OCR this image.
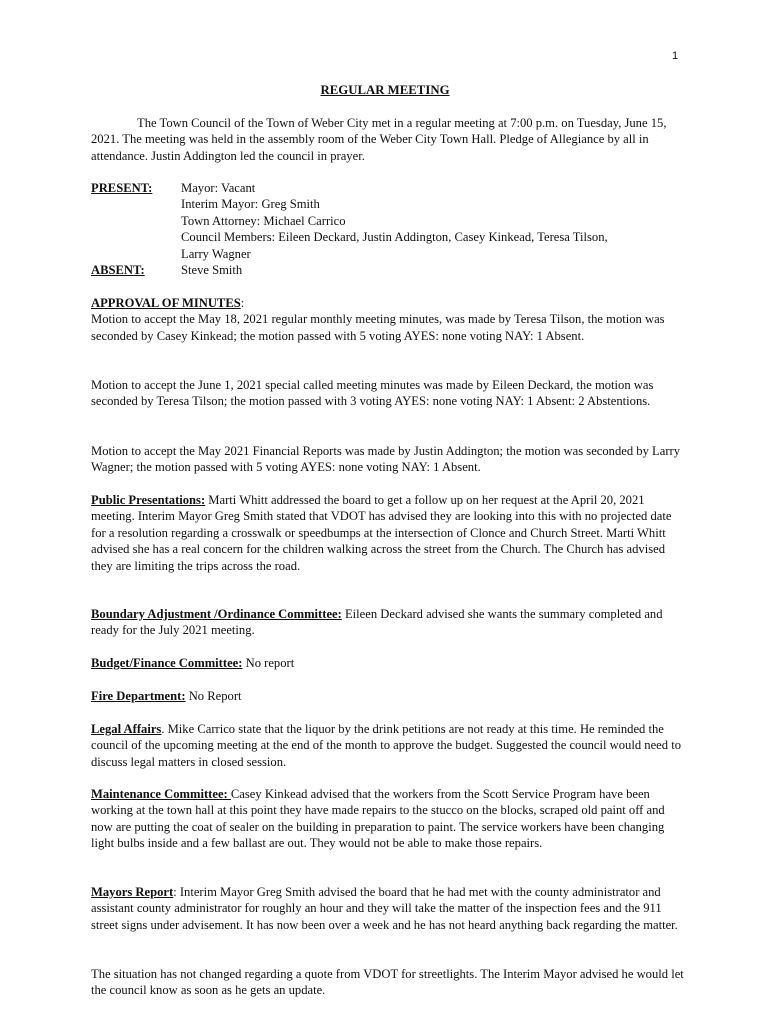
1
REGULAR MEETING
The Town Council of the Town of Weber City met in a regular meeting at 7:00 p.m. on Tuesday, June 15, 2021. The meeting was held in the assembly room of the Weber City Town Hall. Pledge of Allegiance by all in attendance. Justin Addington led the council in prayer.
PRESENT:	Mayor: Vacant
Interim Mayor: Greg Smith
Town Attorney: Michael Carrico
Council Members: Eileen Deckard, Justin Addington, Casey Kinkead, Teresa Tilson,
Larry Wagner
ABSENT:	Steve Smith

APPROVAL OF MINUTES:

Motion to accept the May 18, 2021 regular monthly meeting minutes, was made by Teresa Tilson, the motion was seconded by Casey Kinkead; the motion passed with 5 voting AYES: none voting NAY: 1 Absent.

Motion to accept the June 1, 2021 special called meeting minutes was made by Eileen Deckard, the motion was seconded by Teresa Tilson; the motion passed with 3 voting AYES: none voting NAY: 1 Absent: 2 Abstentions.
Motion to accept the May 2021 Financial Reports was made by Justin Addington; the motion was seconded by Larry Wagner; the motion passed with 5 voting AYES: none voting NAY: 1 Absent.
Public Presentations: Marti Whitt addressed the board to get a follow up on her request at the April 20, 2021 meeting. Interim Mayor Greg Smith stated that VDOT has advised they are looking into this with no projected date for a resolution regarding a crosswalk or speedbumps at the intersection of Clonce and Church Street. Marti Whitt advised she has a real concern for the children walking across the street from the Church. The Church has advised they are limiting the trips across the road.
Boundary Adjustment /Ordinance Committee: Eileen Deckard advised she wants the summary completed and ready for the July 2021 meeting.
Budget/Finance Committee: No report
Fire Department: No Report
Legal Affairs. Mike Carrico state that the liquor by the drink petitions are not ready at this time. He reminded the council of the upcoming meeting at the end of the month to approve the budget. Suggested the council would need to discuss legal matters in closed session.
Maintenance Committee: Casey Kinkead advised that the workers from the Scott Service Program have been working at the town hall at this point they have made repairs to the stucco on the blocks, scraped old paint off and now are putting the coat of sealer on the building in preparation to paint. The service workers have been changing light bulbs inside and a few ballast are out. They would not be able to make those repairs.
Mayors Report: Interim Mayor Greg Smith advised the board that he had met with the county administrator and assistant county administrator for roughly an hour and they will take the matter of the inspection fees and the 911 street signs under advisement. It has now been over a week and he has not heard anything back regarding the matter.
The situation has not changed regarding a quote from VDOT for streetlights. The Interim Mayor advised he would let the council know as soon as he gets an update.
